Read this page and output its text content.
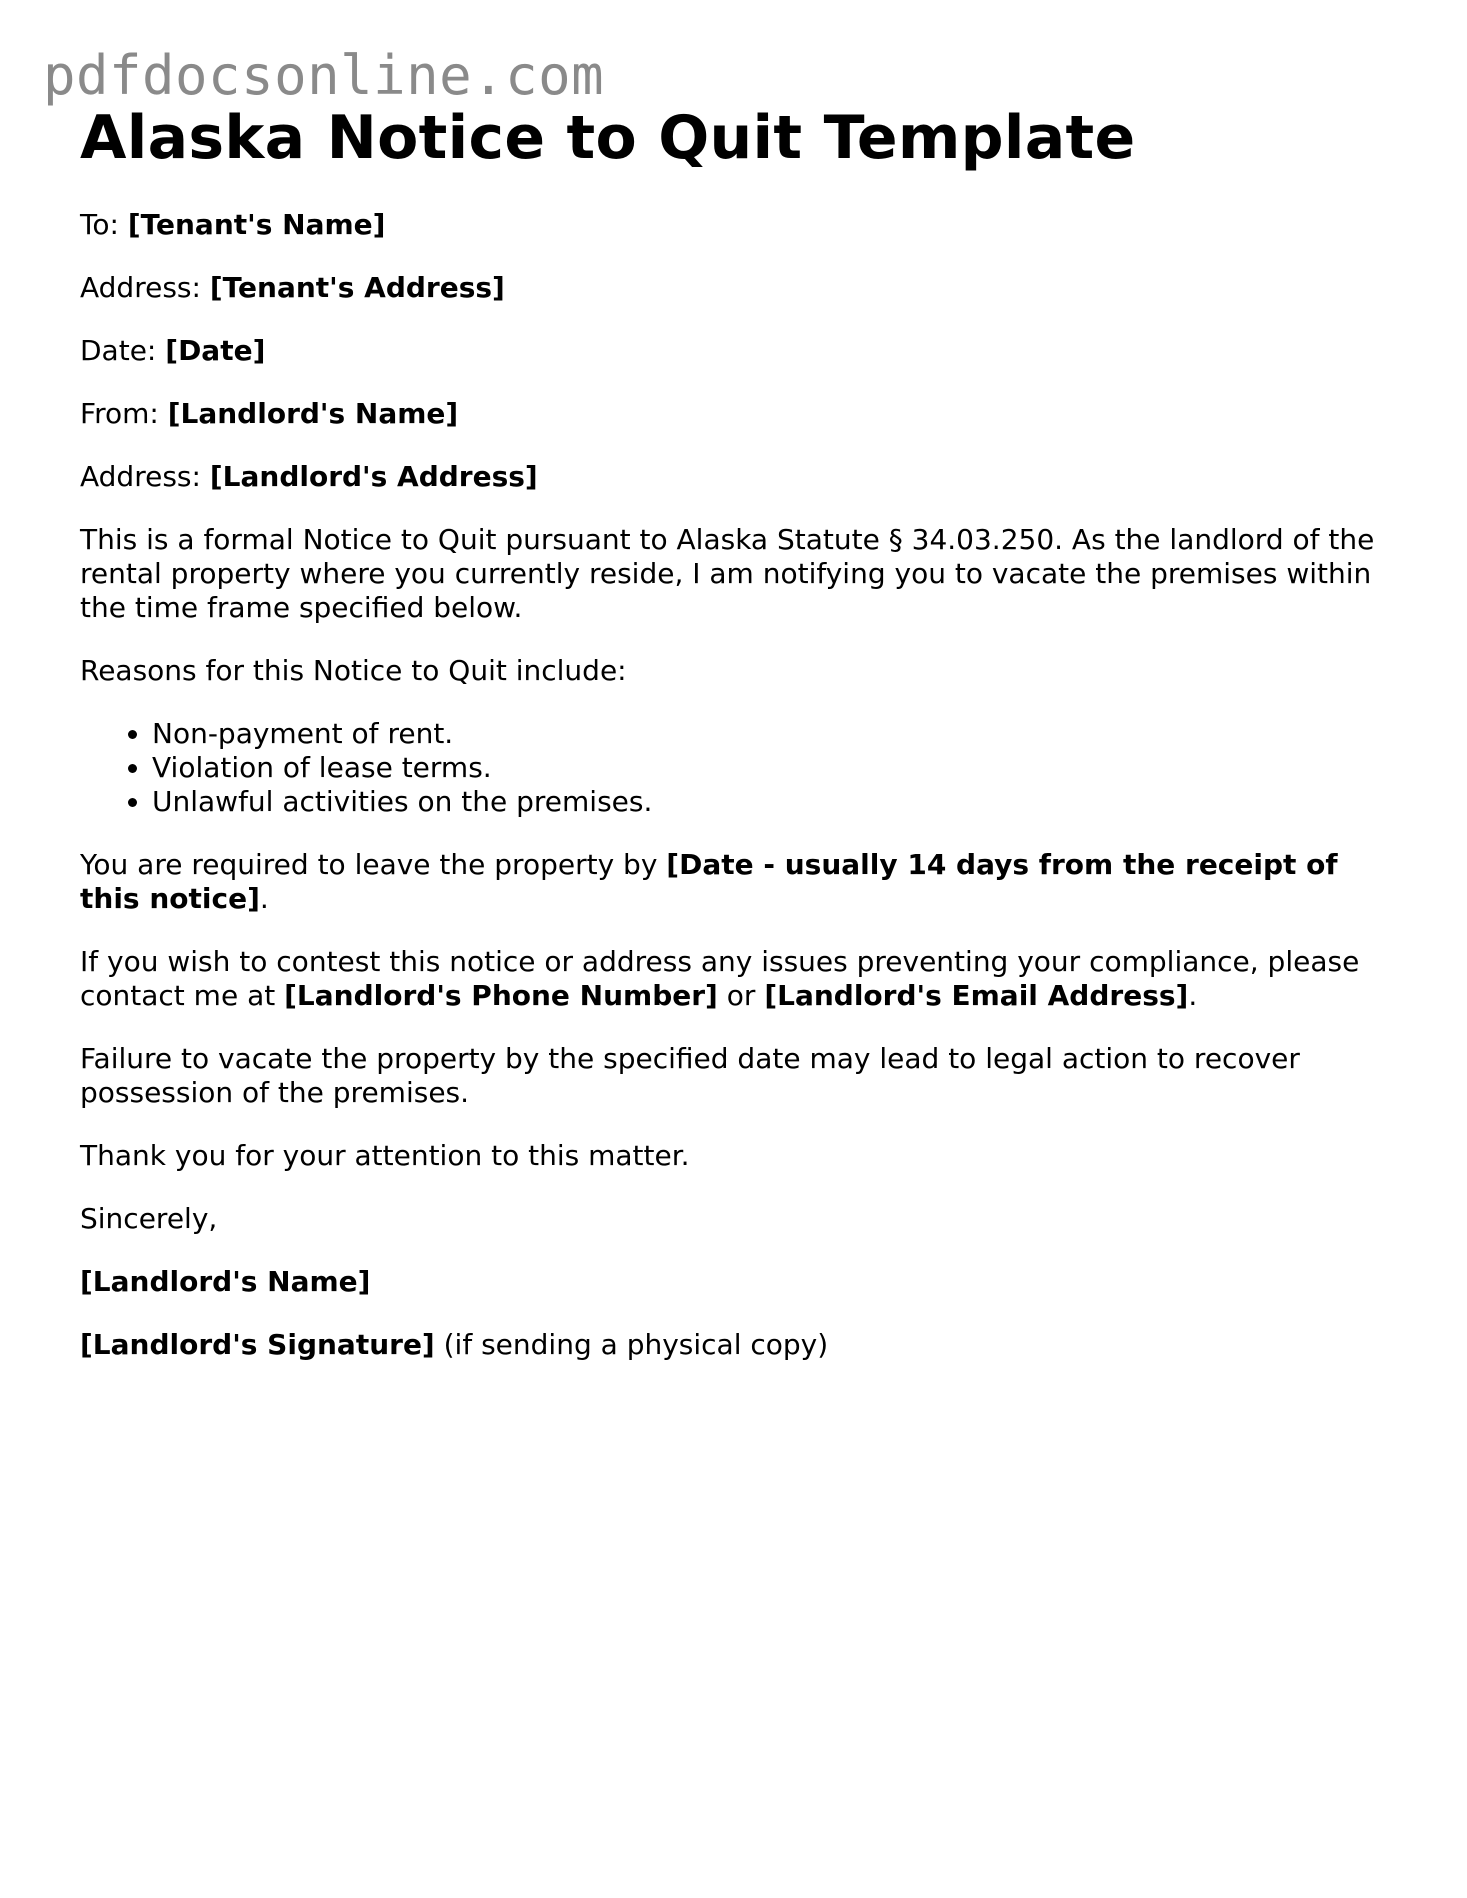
pdfdocsonline.com
Alaska Notice to Quit Template

To: [Tenant's Name]

Address: [Tenant's Address]

Date: [Date]

From: [Landlord's Name]

Address: [Landlord's Address]

This is a formal Notice to Quit pursuant to Alaska Statute § 34.03.250. As the landlord of the rental property where you currently reside, I am notifying you to vacate the premises within the time frame specified below.

Reasons for this Notice to Quit include:

• Non-payment of rent.
• Violation of lease terms.
• Unlawful activities on the premises.

You are required to leave the property by [Date - usually 14 days from the receipt of this notice].

If you wish to contest this notice or address any issues preventing your compliance, please contact me at [Landlord's Phone Number] or [Landlord's Email Address].

Failure to vacate the property by the specified date may lead to legal action to recover possession of the premises.

Thank you for your attention to this matter.

Sincerely,

[Landlord's Name]

[Landlord's Signature] (if sending a physical copy)
